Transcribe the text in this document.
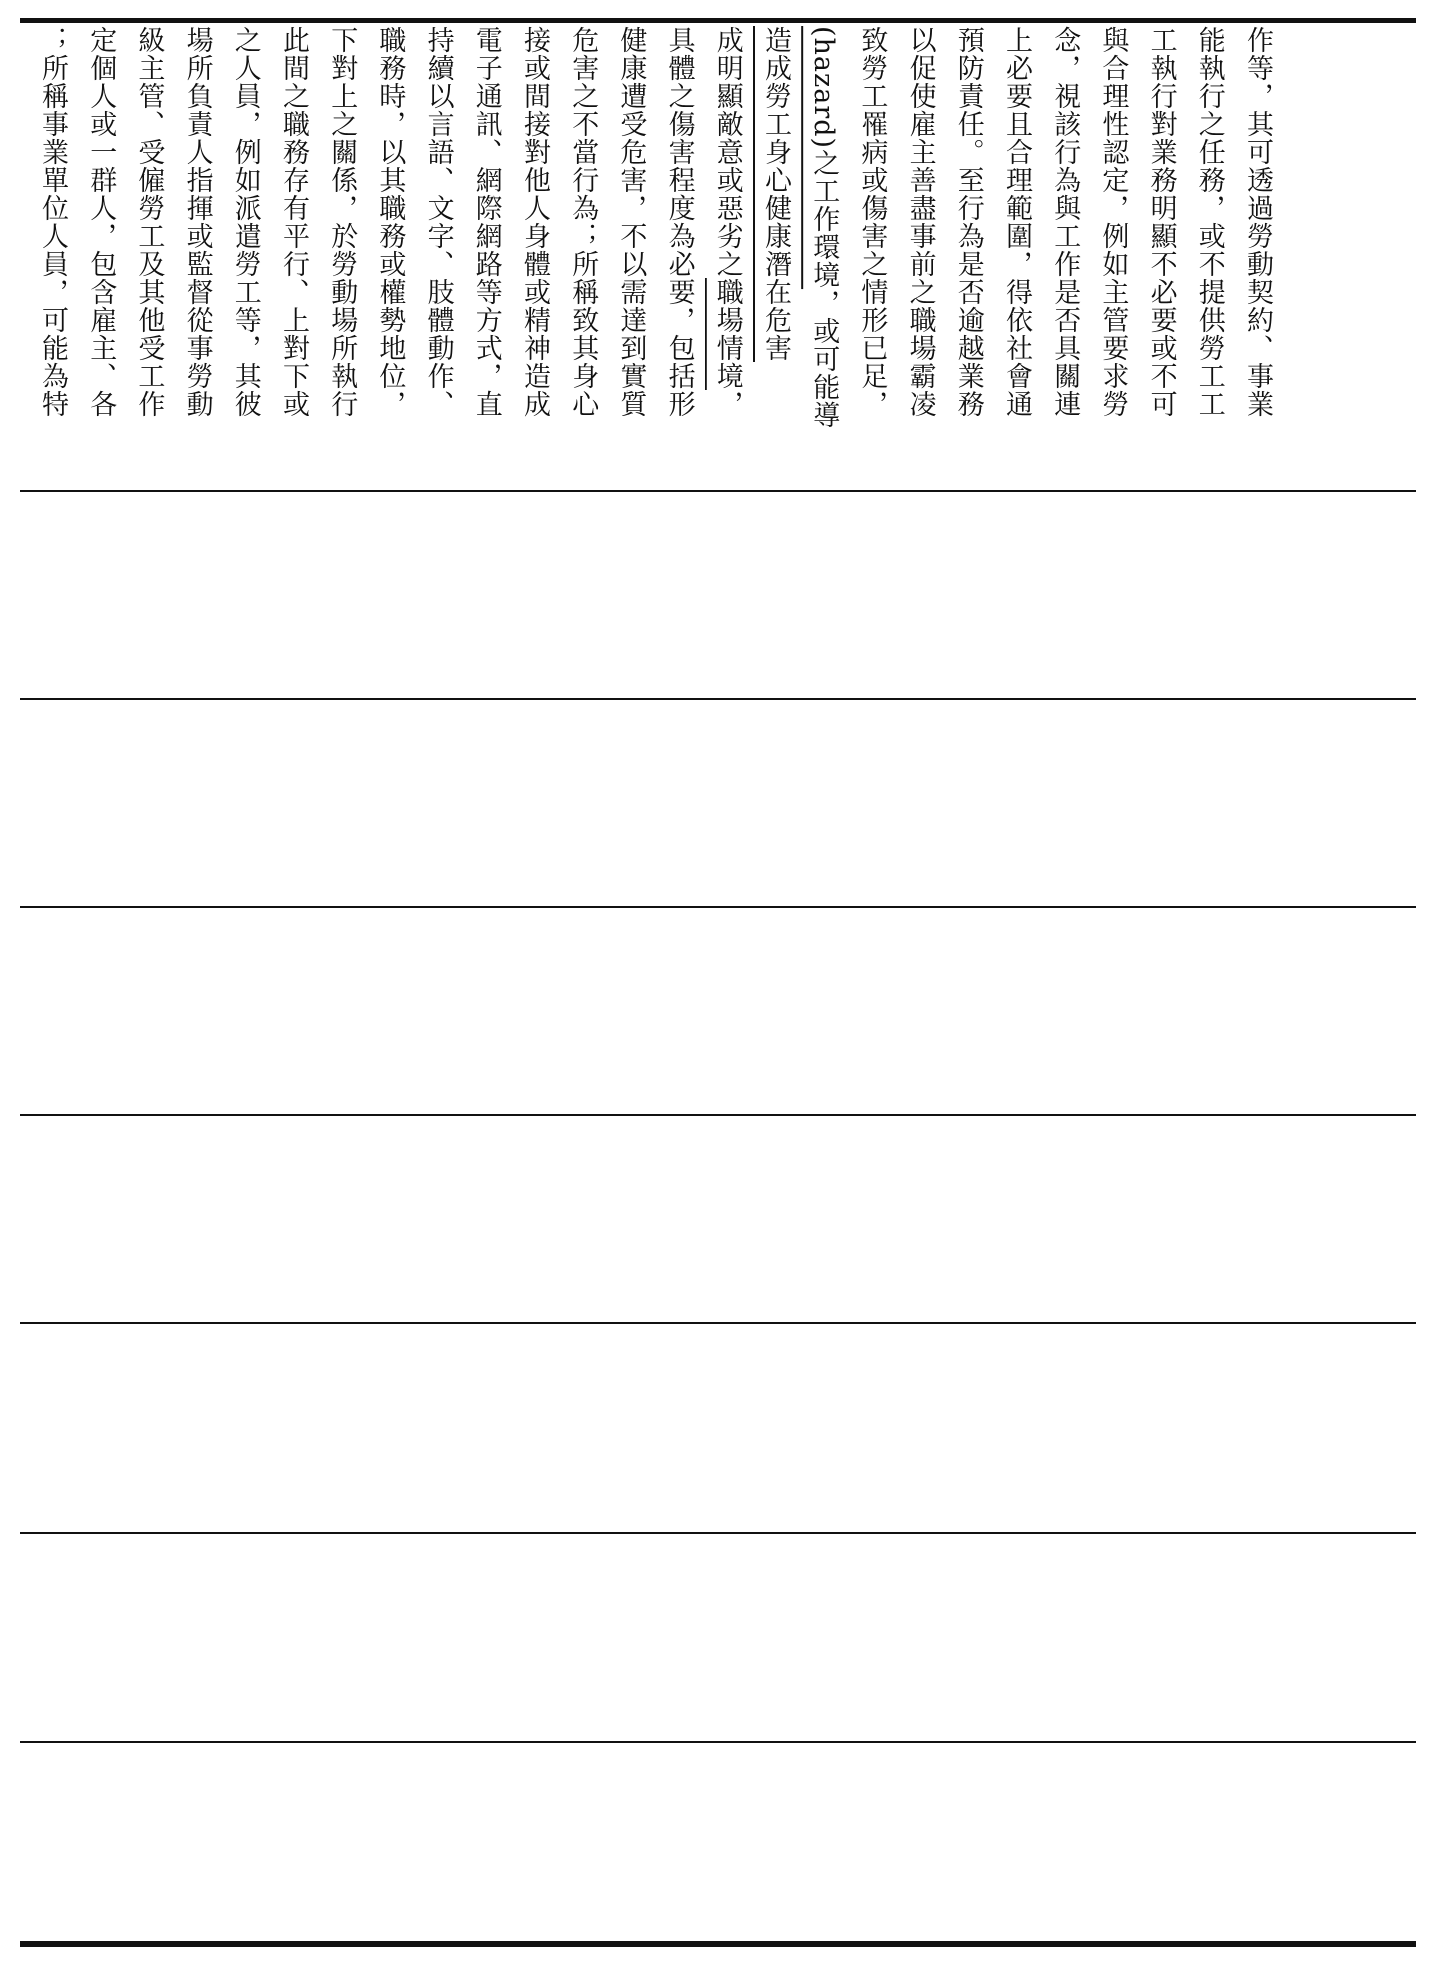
；所稱事業單位人員，可能為特 定個人或一群人，包含雇主、各 級主管、受僱勞工及其他受工作 場所負責人指揮或監督從事勞動 之人員，例如派遣勞工等，其彼 此間之職務存有平行、上對下或 下對上之關係，於勞動場所執行 職務時，以其職務或權勢地位， 持續以言語、文字、肢體動作、 電子通訊、網際網路等方式，直 接或間接對他人身體或精神造成 危害之不當行為；所稱致其身心 健康遭受危害，不以需達到實質 具體之傷害程度為必要，包括形 成明顯敵意或惡劣之職場情境，
造成勞工身心健康潛在危害 (hazard)之工作環境，或可能導 致勞工罹病或傷害之情形已足， 以促使雇主善盡事前之職場霸凌 預防責任。至行為是否逾越業務 上必要且合理範圍，得依社會通 念，視該行為與工作是否具關連 與合理性認定，例如主管要求勞 工執行對業務明顯不必要或不可 能執行之任務，或不提供勞工工 作等，其可透過勞動契約、事業
